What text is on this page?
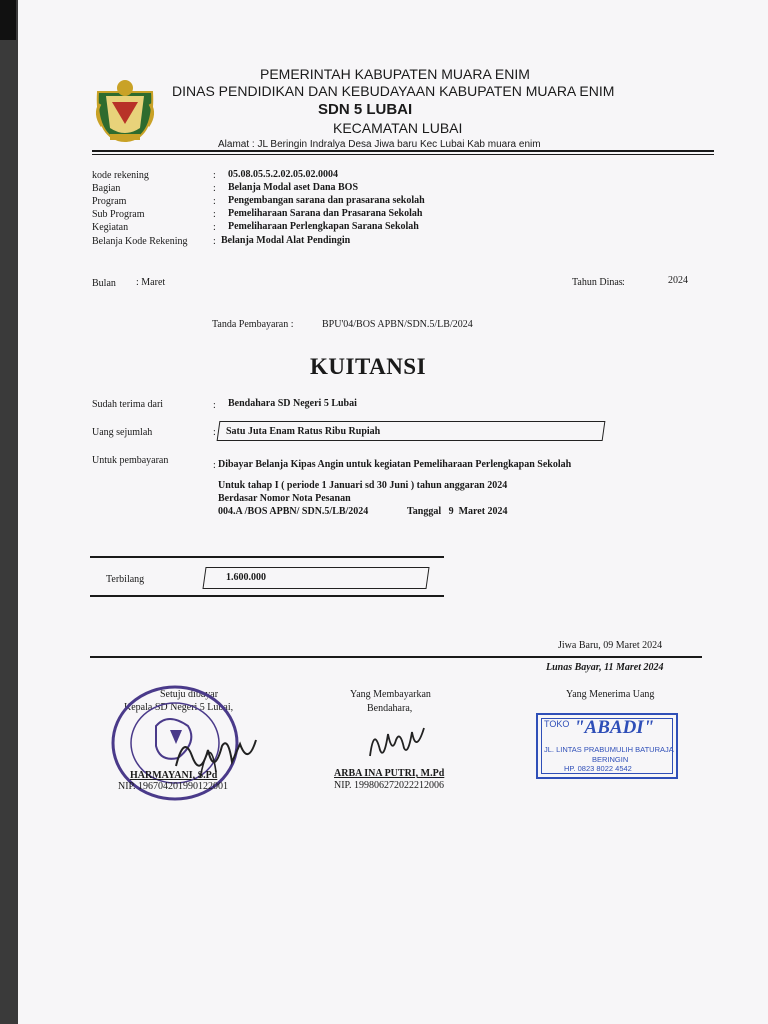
PEMERINTAH KABUPATEN MUARA ENIM
DINAS PENDIDIKAN DAN KEBUDAYAAN KABUPATEN MUARA ENIM
SDN 5 LUBAI
KECAMATAN LUBAI
Alamat : JL Beringin Indralya Desa Jiwa baru Kec Lubai Kab muara enim
kode rekening	: 05.08.05.5.2.02.05.02.0004
Bagian	: Belanja Modal aset Dana BOS
Program	: Pengembangan sarana dan prasarana sekolah
Sub Program	: Pemeliharaan Sarana dan Prasarana Sekolah
Kegiatan	: Pemeliharaan Perlengkapan Sarana Sekolah
Belanja Kode Rekening	: Belanja Modal Alat Pendingin
Bulan : Maret	Tahun Dinas :	2024
Tanda Pembayaran :	BPU'04/BOS APBN/SDN.5/LB/2024
KUITANSI
Sudah terima dari	: Bendahara SD Negeri 5 Lubai
Uang sejumlah	: Satu Juta Enam Ratus Ribu Rupiah
Untuk pembayaran	: Dibayar Belanja Kipas Angin untuk kegiatan Pemeliharaan Perlengkapan Sekolah
Untuk tahap I ( periode 1 Januari sd 30 Juni ) tahun anggaran 2024
Berdasar Nomor Nota Pesanan
004.A /BOS APBN/ SDN.5/LB/2024	Tanggal   9  Maret 2024
Terbilang	1.600.000
Jiwa Baru, 09 Maret 2024
Lunas Bayar, 11 Maret 2024
Setuju dibayar
Kepala SD Negeri 5 Lubai,
HARMAYANI, S.Pd
NIP. 196704201990122001
Yang Membayarkan
Bendahara,
ARBA INA PUTRI, M.Pd
NIP. 199806272022212006
Yang Menerima Uang
TOKO "ABADI"
JL. LINTAS PRABUMULIH BATURAJA
BERINGIN
HP. 0823 8022 4542
